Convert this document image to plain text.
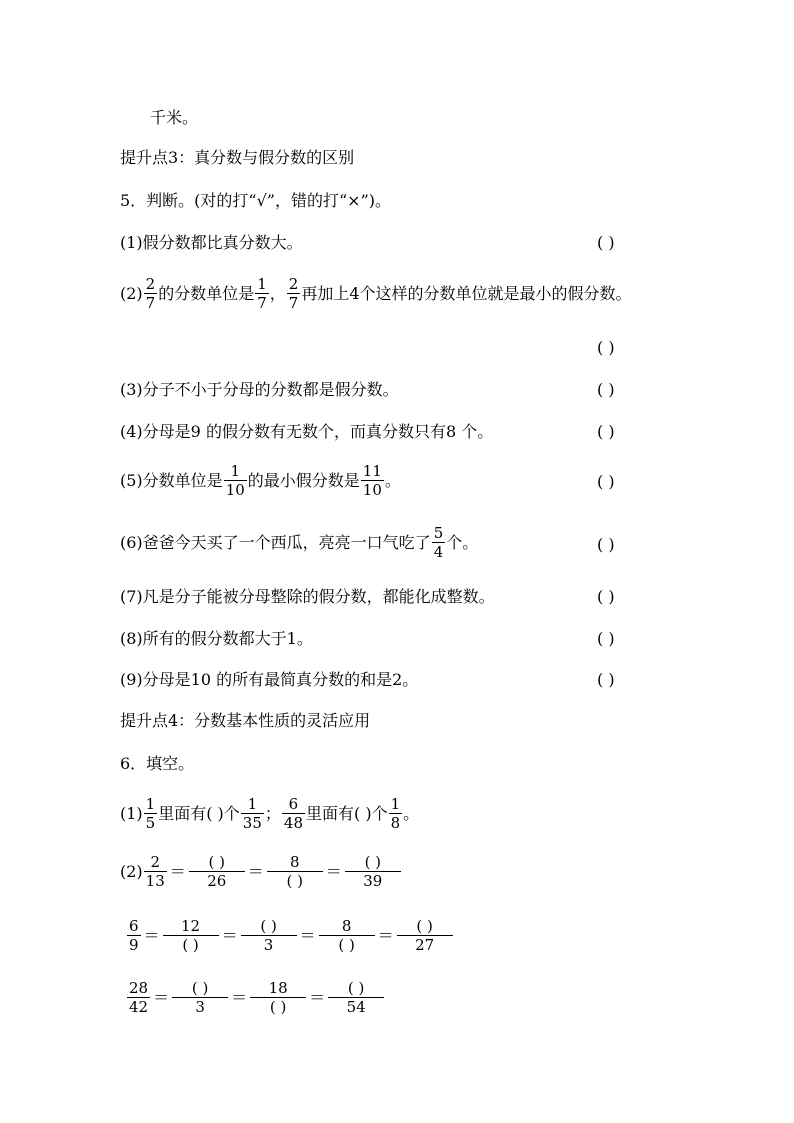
千米。
提升点3：真分数与假分数的区别
5．判断。(对的打“√”，错的打“×”)。
(1)假分数都比真分数大。	( )
$(2) \frac{2}{7}$ 的分数单位是 $\frac{1}{7}$ ， $\frac{2}{7}$ 再加上4个这样的分数单位就是最小的假分数。
( )
(3)分子不小于分母的分数都是假分数。	( )
(4)分母是9 的假分数有无数个，而真分数只有8 个。	( )
(5) 分数单位是 $\frac{1}{10}$ 的最小假分数是 $\frac{11}{10}$ 。	( )
(6) 爸爸今天买了一个西瓜，亮亮一口气吃了 $\frac{5}{4}$ 个。	( )
(7)凡是分子能被分母整除的假分数，都能化成整数。	( )
(8)所有的假分数都大于1。	( )
(9)分母是10 的所有最简真分数的和是2。	( )
提升点4：分数基本性质的灵活应用
6．填空。
$(1) \frac{1}{5}$ 里面有( )个 $\frac{1}{35}$ ； $\frac{6}{48}$ 里面有( )个 $\frac{1}{8}$ 。
$(2) \frac{2}{13}$ ＝	( )
26
＝	8
( )
＝	( )
39
$\frac{6}{9}$ ＝	12
( )
＝	( )
3
＝	8
( )
＝	( )
27
$\frac{28}{42}$ ＝	( )
3
＝	18
( )
＝	( )
54
